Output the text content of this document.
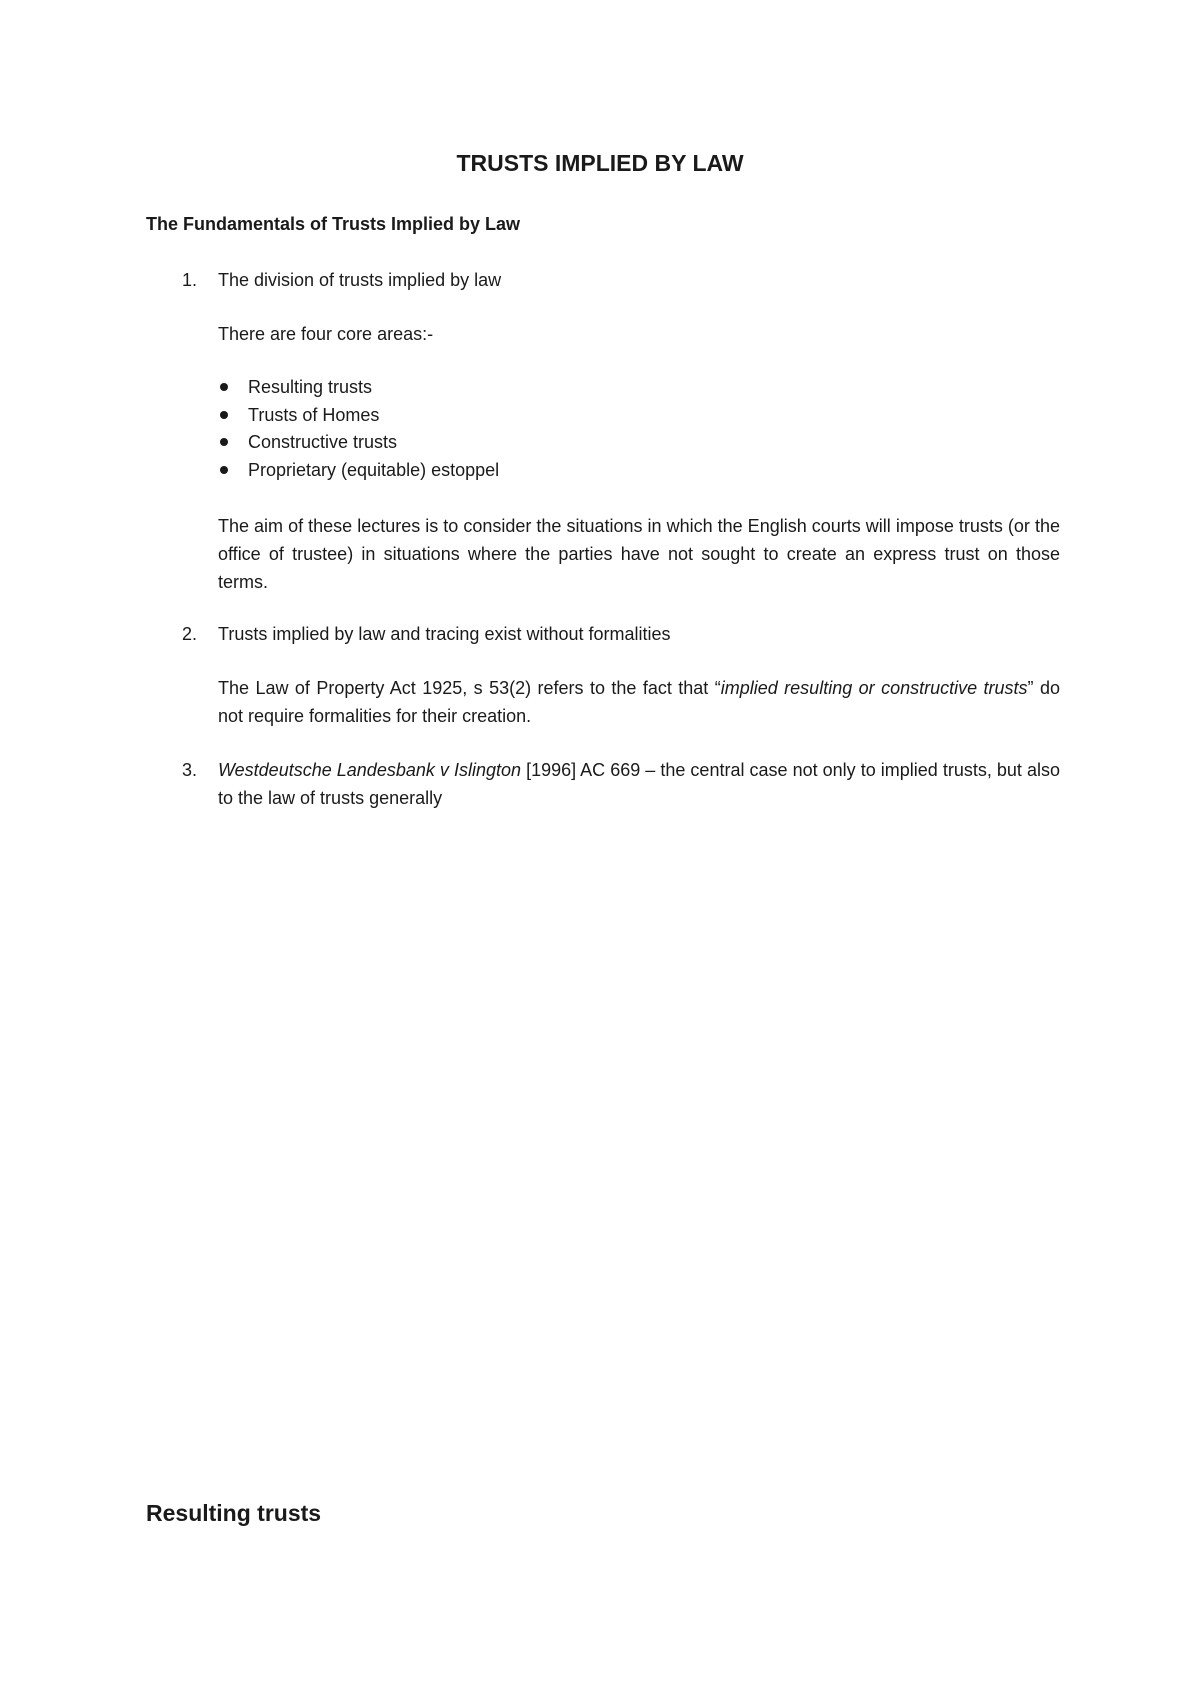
TRUSTS IMPLIED BY LAW
The Fundamentals of Trusts Implied by Law
1. The division of trusts implied by law
There are four core areas:-
Resulting trusts
Trusts of Homes
Constructive trusts
Proprietary (equitable) estoppel
The aim of these lectures is to consider the situations in which the English courts will impose trusts (or the office of trustee) in situations where the parties have not sought to create an express trust on those terms.
2. Trusts implied by law and tracing exist without formalities
The Law of Property Act 1925, s 53(2) refers to the fact that “implied resulting or constructive trusts” do not require formalities for their creation.
3. Westdeutsche Landesbank v Islington [1996] AC 669 – the central case not only to implied trusts, but also to the law of trusts generally
Resulting trusts
